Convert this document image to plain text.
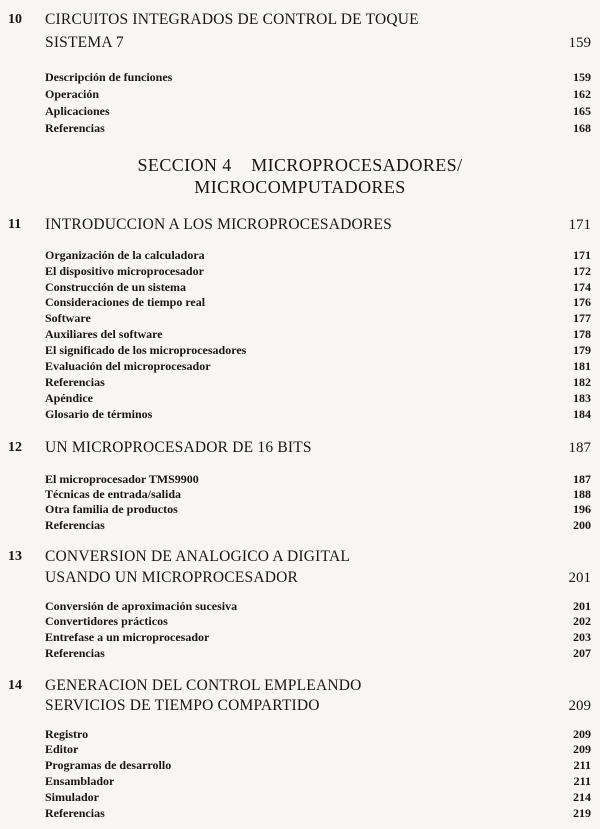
10 CIRCUITOS INTEGRADOS DE CONTROL DE TOQUE
SISTEMA 7	159
Descripción de funciones	159
Operación	162
Aplicaciones	165
Referencias	168
11 INTRODUCCION A LOS MICROPROCESADORES	171
Organización de la calculadora	171
El dispositivo microprocesador	172
Construcción de un sistema	174
Consideraciones de tiempo real	176
Software	177
Auxiliares del software	178
El significado de los microprocesadores	179
Evaluación del microprocesador	181
Referencias	182
Apéndice	183
Glosario de términos	184
12 UN MICROPROCESADOR DE 16 BITS	187
El microprocesador TMS9900	187
Técnicas de entrada/salida	188
Otra familia de productos	196
Referencias	200
13 CONVERSION DE ANALOGICO A DIGITAL
USANDO UN MICROPROCESADOR	201
Conversión de aproximación sucesiva	201
Convertidores prácticos	202
Entrefase a un microprocesador	203
Referencias	207
14 GENERACION DEL CONTROL EMPLEANDO
SERVICIOS DE TIEMPO COMPARTIDO	209
Registro	209
Editor	209
Programas de desarrollo	211
Ensamblador	211
Simulador	214
Referencias	219
SECCION 4    MICROPROCESADORES/
MICROCOMPUTADORES
